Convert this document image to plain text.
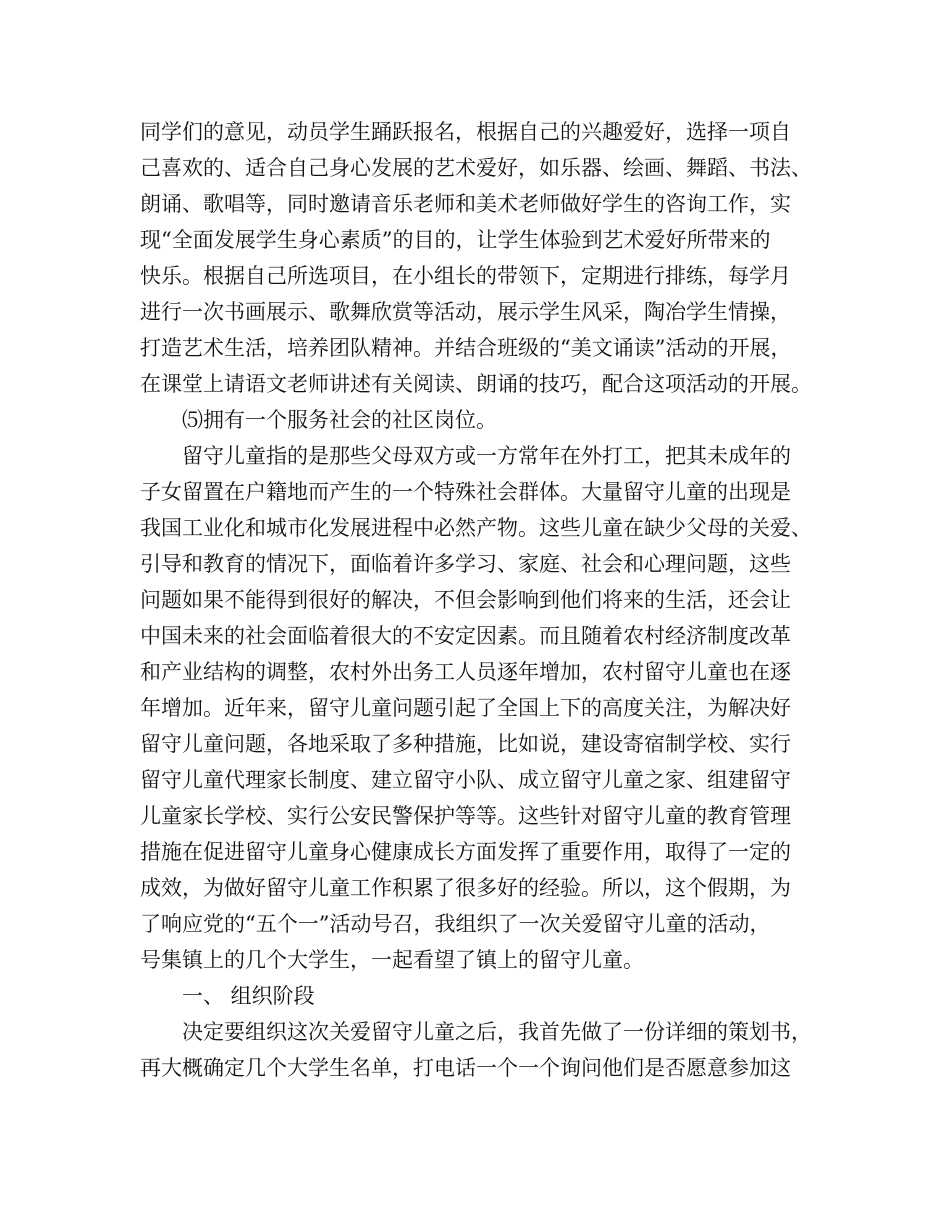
同学们的意见，动员学生踊跃报名，根据自己的兴趣爱好，选择一项自
己喜欢的、适合自己身心发展的艺术爱好，如乐器、绘画、舞蹈、书法、
朗诵、歌唱等，同时邀请音乐老师和美术老师做好学生的咨询工作，实
现“全面发展学生身心素质”的目的，让学生体验到艺术爱好所带来的
快乐。根据自己所选项目，在小组长的带领下，定期进行排练，每学月
进行一次书画展示、歌舞欣赏等活动，展示学生风采，陶冶学生情操，
打造艺术生活，培养团队精神。并结合班级的“美文诵读”活动的开展，
在课堂上请语文老师讲述有关阅读、朗诵的技巧，配合这项活动的开展。
⑸拥有一个服务社会的社区岗位。
留守儿童指的是那些父母双方或一方常年在外打工，把其未成年的
子女留置在户籍地而产生的一个特殊社会群体。大量留守儿童的出现是
我国工业化和城市化发展进程中必然产物。这些儿童在缺少父母的关爱、
引导和教育的情况下，面临着许多学习、家庭、社会和心理问题，这些
问题如果不能得到很好的解决，不但会影响到他们将来的生活，还会让
中国未来的社会面临着很大的不安定因素。而且随着农村经济制度改革
和产业结构的调整，农村外出务工人员逐年增加，农村留守儿童也在逐
年增加。近年来，留守儿童问题引起了全国上下的高度关注，为解决好
留守儿童问题，各地采取了多种措施，比如说，建设寄宿制学校、实行
留守儿童代理家长制度、建立留守小队、成立留守儿童之家、组建留守
儿童家长学校、实行公安民警保护等等。这些针对留守儿童的教育管理
措施在促进留守儿童身心健康成长方面发挥了重要作用，取得了一定的
成效，为做好留守儿童工作积累了很多好的经验。所以，这个假期，为
了响应党的“五个一”活动号召，我组织了一次关爱留守儿童的活动，
号集镇上的几个大学生，一起看望了镇上的留守儿童。
一、 组织阶段
决定要组织这次关爱留守儿童之后，我首先做了一份详细的策划书，
再大概确定几个大学生名单，打电话一个一个询问他们是否愿意参加这
